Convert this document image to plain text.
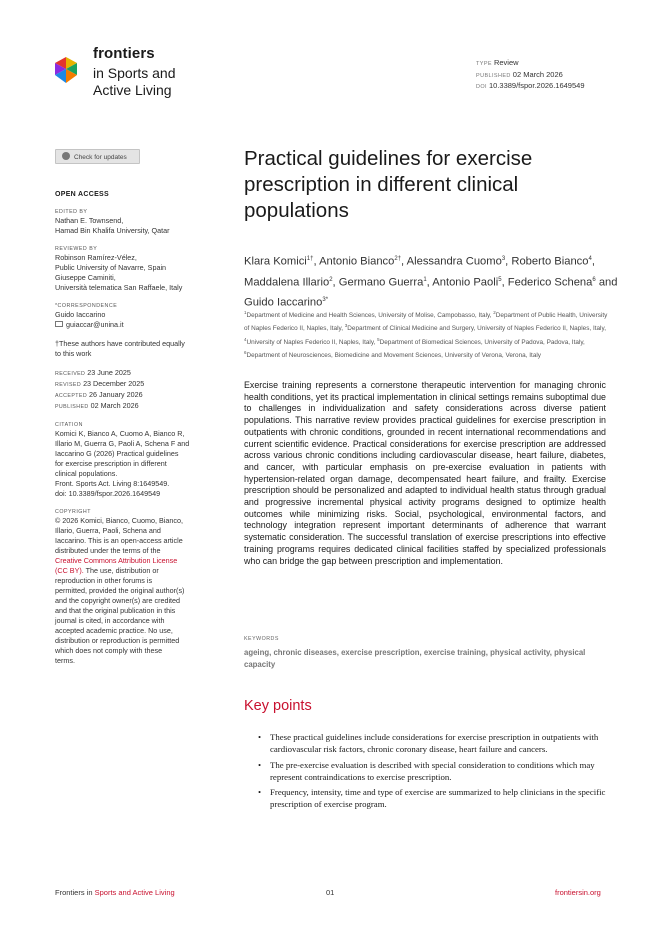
frontiers
in Sports and
Active Living
TYPE Review
PUBLISHED 02 March 2026
DOI 10.3389/fspor.2026.1649549
Check for updates
OPEN ACCESS
EDITED BY
Nathan E. Townsend,
Hamad Bin Khalifa University, Qatar
REVIEWED BY
Robinson Ramírez-Vélez,
Public University of Navarre, Spain
Giuseppe Caminiti,
Università telematica San Raffaele, Italy
*CORRESPONDENCE
Guido Iaccarino
guiaccar@unina.it
†These authors have contributed equally
to this work
RECEIVED 23 June 2025
REVISED 23 December 2025
ACCEPTED 26 January 2026
PUBLISHED 02 March 2026
CITATION
Komici K, Bianco A, Cuomo A, Bianco R,
Illario M, Guerra G, Paoli A, Schena F and
Iaccarino G (2026) Practical guidelines
for exercise prescription in different
clinical populations.
Front. Sports Act. Living 8:1649549.
doi: 10.3389/fspor.2026.1649549
COPYRIGHT
© 2026 Komici, Bianco, Cuomo, Bianco,
Illario, Guerra, Paoli, Schena and
Iaccarino. This is an open-access article
distributed under the terms of the
Creative Commons Attribution License
(CC BY). The use, distribution or
reproduction in other forums is
permitted, provided the original author(s)
and the copyright owner(s) are credited
and that the original publication in this
journal is cited, in accordance with
accepted academic practice. No use,
distribution or reproduction is permitted
which does not comply with these
terms.
Practical guidelines for exercise
prescription in different clinical
populations
Klara Komici$^{1\dagger}$, Antonio Bianco$^{2\dagger}$, Alessandra Cuomo$^3$, Roberto Bianco$^4$, Maddalena Illario$^2$, Germano Guerra$^1$, Antonio Paoli$^5$, Federico Schena$^6$ and Guido Iaccarino$^{3*}$
$^1$Department of Medicine and Health Sciences, University of Molise, Campobasso, Italy, $^2$Department of Public Health, University of Naples Federico II, Naples, Italy, $^3$Department of Clinical Medicine and Surgery, University of Naples Federico II, Naples, Italy, $^4$University of Naples Federico II, Naples, Italy, $^5$Department of Biomedical Sciences, University of Padova, Padova, Italy, $^6$Department of Neurosciences, Biomedicine and Movement Sciences, University of Verona, Verona, Italy

Exercise training represents a cornerstone therapeutic intervention for managing chronic health conditions, yet its practical implementation in clinical settings remains suboptimal due to challenges in individualization and safety considerations across diverse patient populations. This narrative review provides practical guidelines for exercise prescription in outpatients with chronic conditions, grounded in recent international recommendations and current scientific evidence. Practical considerations for exercise prescription are addressed across various chronic conditions including cardiovascular disease, heart failure, diabetes, and cancer, with particular emphasis on pre-exercise evaluation in patients with hypertension-related organ damage, decompensated heart failure, and frailty. Exercise prescription should be personalized and adapted to individual health status through gradual and progressive incremental physical activity programs designed to optimize health outcomes while minimizing risks. Social, psychological, environmental factors, and technology integration represent important determinants of adherence that warrant systematic consideration. The successful translation of exercise prescriptions into effective training programs requires dedicated clinical facilities staffed by specialized professionals who can bridge the gap between prescription and implementation.

KEYWORDS
ageing, chronic diseases, exercise prescription, exercise training, physical activity, physical capacity
Key points
• These practical guidelines include considerations for exercise prescription in outpatients with cardiovascular risk factors, chronic coronary disease, heart failure and cancers.
• The pre-exercise evaluation is described with special consideration to conditions which may represent contraindications to exercise prescription.
• Frequency, intensity, time and type of exercise are summarized to help clinicians in the specific prescription of exercise program.
Frontiers in Sports and Active Living	01	frontiersin.org
